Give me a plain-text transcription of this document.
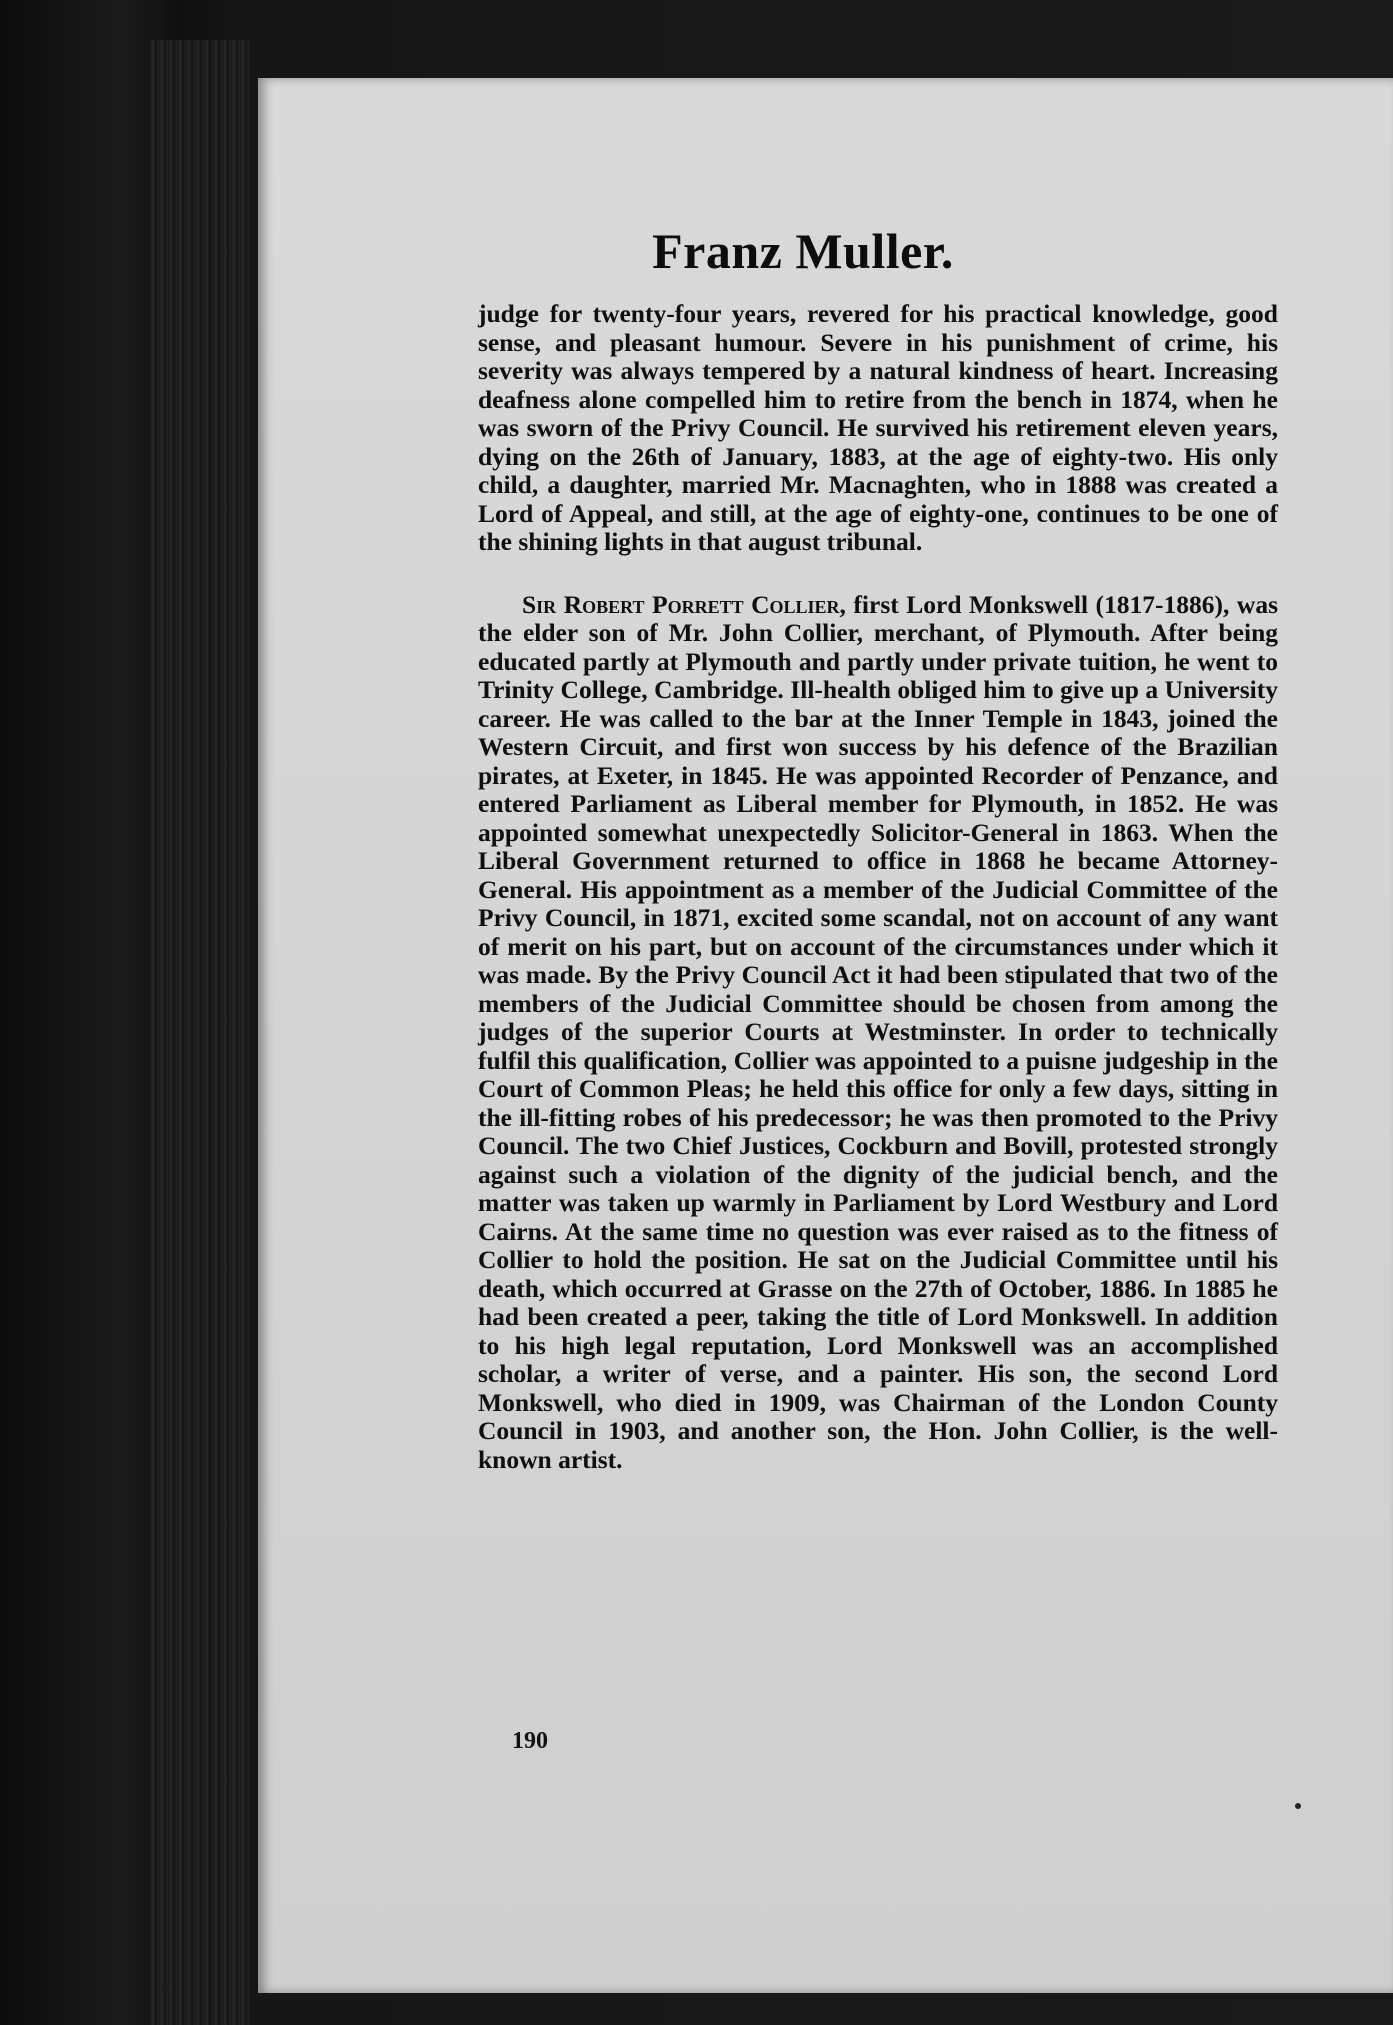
Franz Muller.

judge for twenty-four years, revered for his practical knowledge, good sense, and pleasant humour. Severe in his punishment of crime, his severity was always tempered by a natural kindness of heart. Increasing deafness alone compelled him to retire from the bench in 1874, when he was sworn of the Privy Council. He survived his retirement eleven years, dying on the 26th of January, 1883, at the age of eighty-two. His only child, a daughter, married Mr. Macnaghten, who in 1888 was created a Lord of Appeal, and still, at the age of eighty-one, continues to be one of the shining lights in that august tribunal.

Sir Robert Porrett Collier, first Lord Monkswell (1817-1886), was the elder son of Mr. John Collier, merchant, of Plymouth. After being educated partly at Plymouth and partly under private tuition, he went to Trinity College, Cambridge. Ill-health obliged him to give up a University career. He was called to the bar at the Inner Temple in 1843, joined the Western Circuit, and first won success by his defence of the Brazilian pirates, at Exeter, in 1845. He was appointed Recorder of Penzance, and entered Parliament as Liberal member for Plymouth, in 1852. He was appointed somewhat unexpectedly Solicitor-General in 1863. When the Liberal Government returned to office in 1868 he became Attorney-General. His appointment as a member of the Judicial Committee of the Privy Council, in 1871, excited some scandal, not on account of any want of merit on his part, but on account of the circumstances under which it was made. By the Privy Council Act it had been stipulated that two of the members of the Judicial Committee should be chosen from among the judges of the superior Courts at Westminster. In order to technically fulfil this qualification, Collier was appointed to a puisne judgeship in the Court of Common Pleas; he held this office for only a few days, sitting in the ill-fitting robes of his predecessor; he was then promoted to the Privy Council. The two Chief Justices, Cockburn and Bovill, protested strongly against such a violation of the dignity of the judicial bench, and the matter was taken up warmly in Parliament by Lord Westbury and Lord Cairns. At the same time no question was ever raised as to the fitness of Collier to hold the position. He sat on the Judicial Committee until his death, which occurred at Grasse on the 27th of October, 1886. In 1885 he had been created a peer, taking the title of Lord Monkswell. In addition to his high legal reputation, Lord Monkswell was an accomplished scholar, a writer of verse, and a painter. His son, the second Lord Monkswell, who died in 1909, was Chairman of the London County Council in 1903, and another son, the Hon. John Collier, is the well-known artist.

190
